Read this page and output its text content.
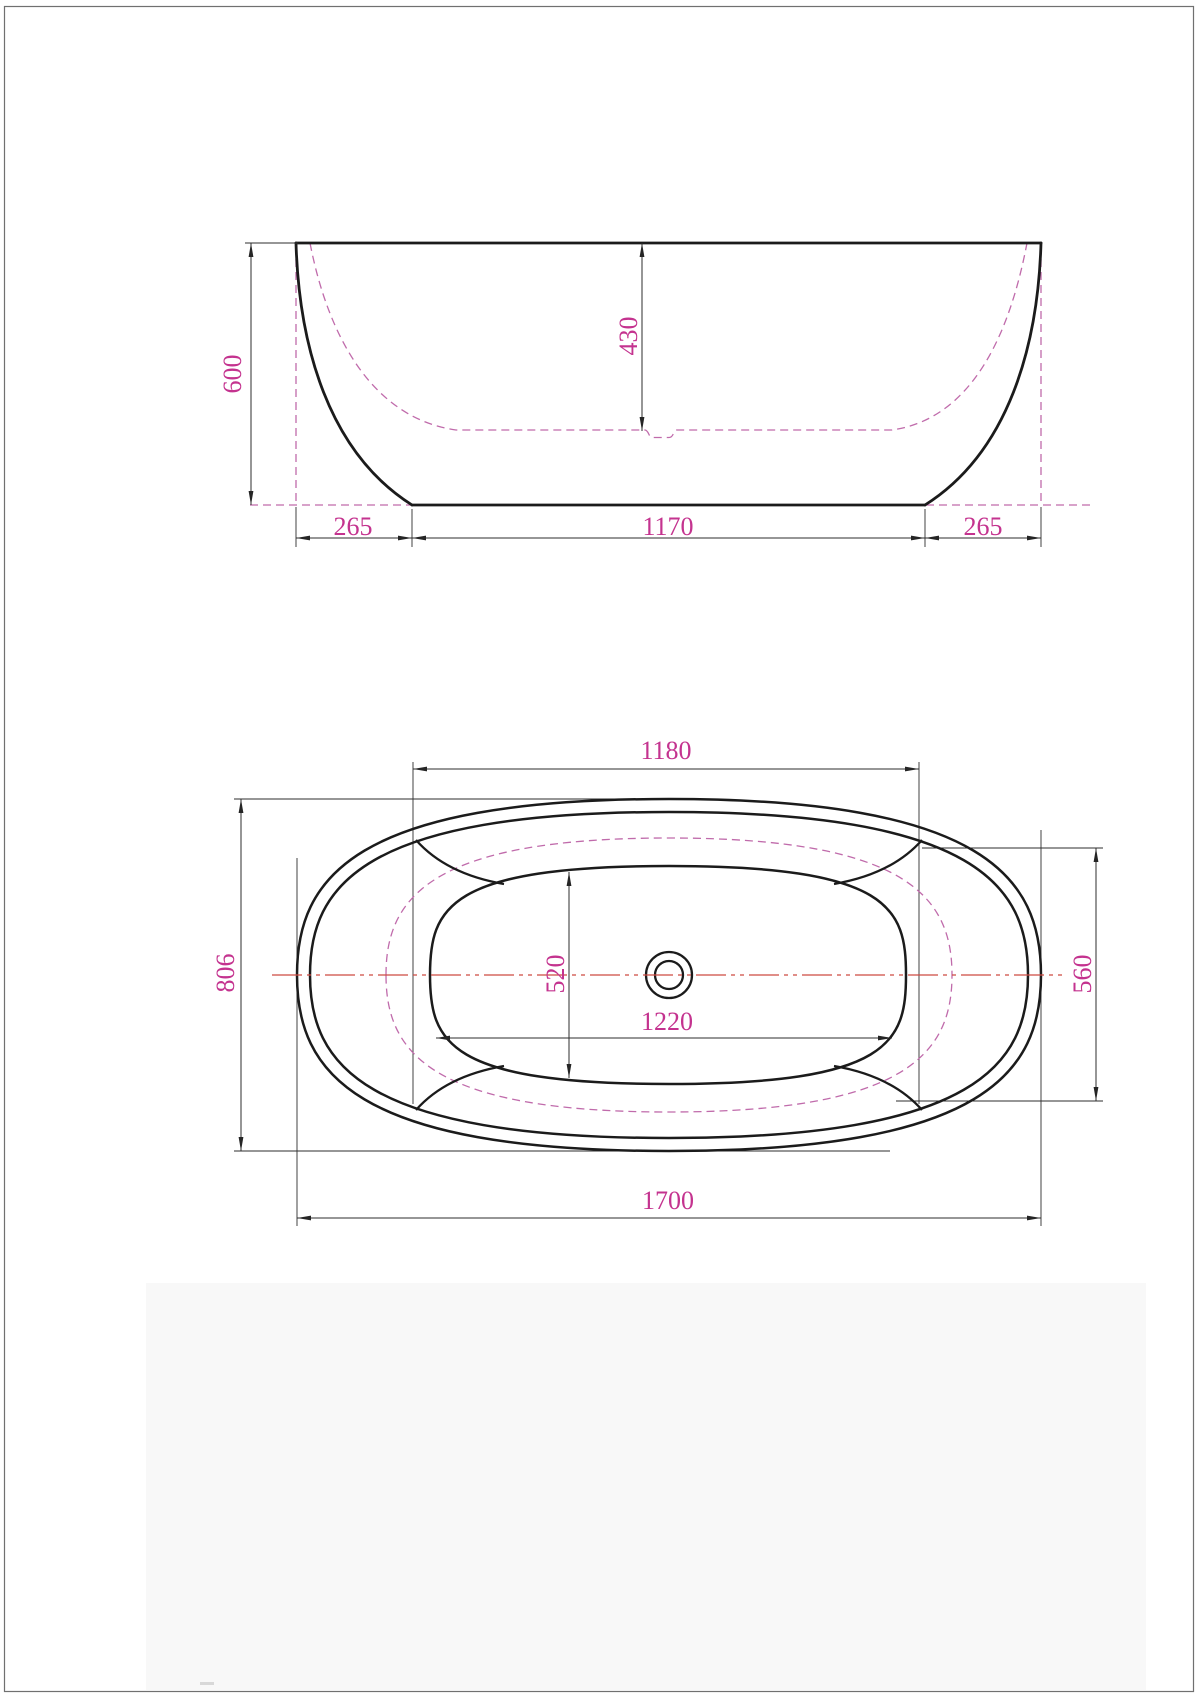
600
430
265	1170	265
1180
806	520
1220
560
1700
